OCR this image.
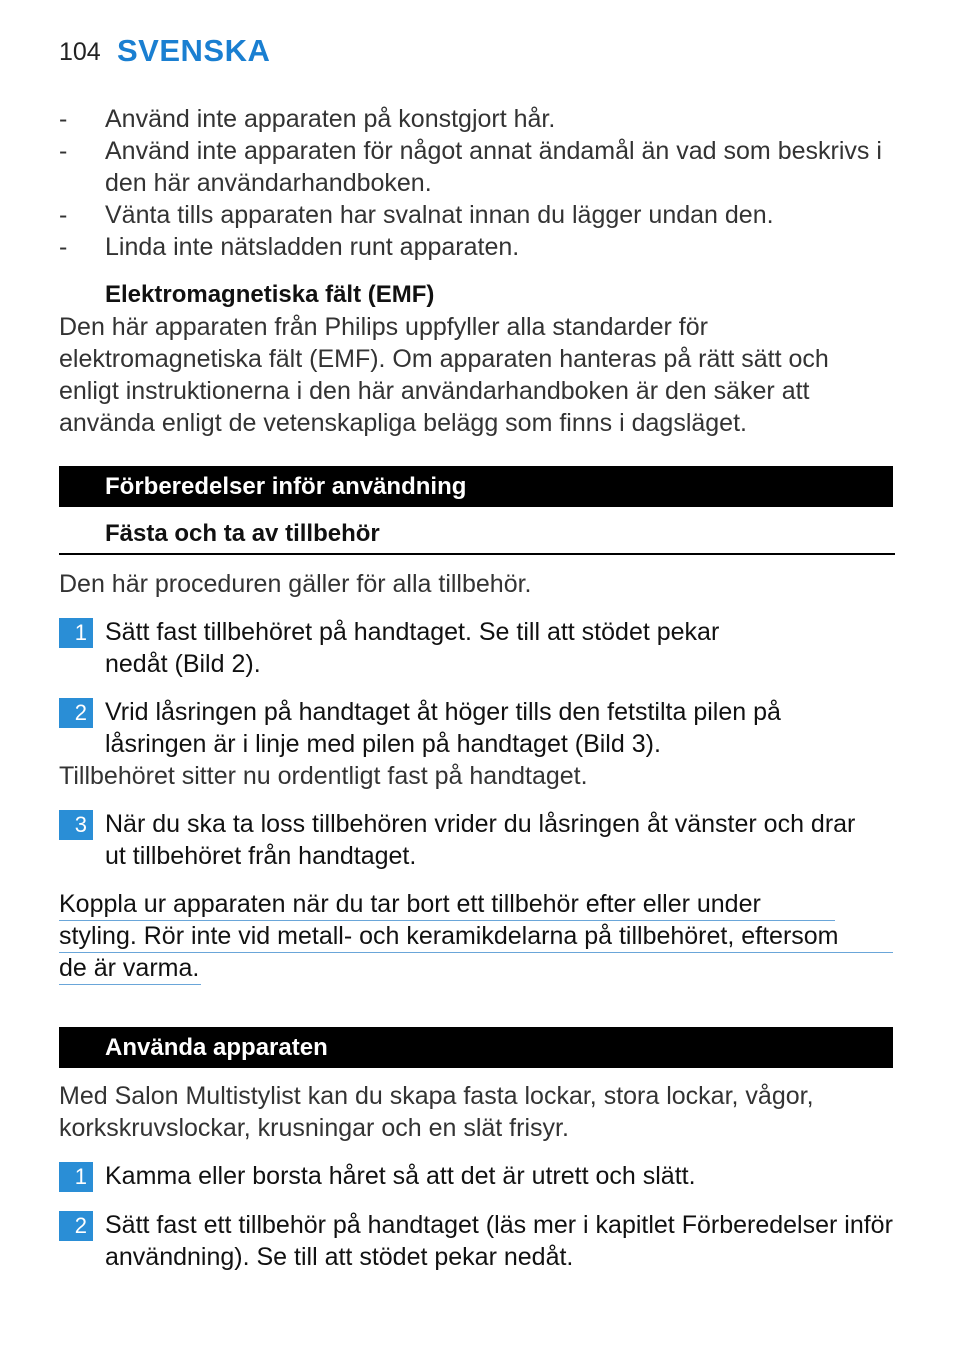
104 SVENSKA
- Använd inte apparaten på konstgjort hår.
- Använd inte apparaten för något annat ändamål än vad som beskrivs i den här användarhandboken.
- Vänta tills apparaten har svalnat innan du lägger undan den.
- Linda inte nätsladden runt apparaten.
Elektromagnetiska fält (EMF)
Den här apparaten från Philips uppfyller alla standarder för elektromagnetiska fält (EMF). Om apparaten hanteras på rätt sätt och enligt instruktionerna i den här användarhandboken är den säker att använda enligt de vetenskapliga belägg som finns i dagsläget.
Förberedelser inför användning
Fästa och ta av tillbehör
Den här proceduren gäller för alla tillbehör.
1 Sätt fast tillbehöret på handtaget. Se till att stödet pekar nedåt (Bild 2).
2 Vrid låsringen på handtaget åt höger tills den fetstilta pilen på låsringen är i linje med pilen på handtaget (Bild 3).
Tillbehöret sitter nu ordentligt fast på handtaget.
3 När du ska ta loss tillbehören vrider du låsringen åt vänster och drar ut tillbehöret från handtaget.
Koppla ur apparaten när du tar bort ett tillbehör efter eller under
styling. Rör inte vid metall- och keramikdelarna på tillbehöret, eftersom
de är varma.
Använda apparaten
Med Salon Multistylist kan du skapa fasta lockar, stora lockar, vågor, korkskruvslockar, krusningar och en slät frisyr.
1 Kamma eller borsta håret så att det är utrett och slätt.
2 Sätt fast ett tillbehör på handtaget (läs mer i kapitlet Förberedelser inför användning). Se till att stödet pekar nedåt.
